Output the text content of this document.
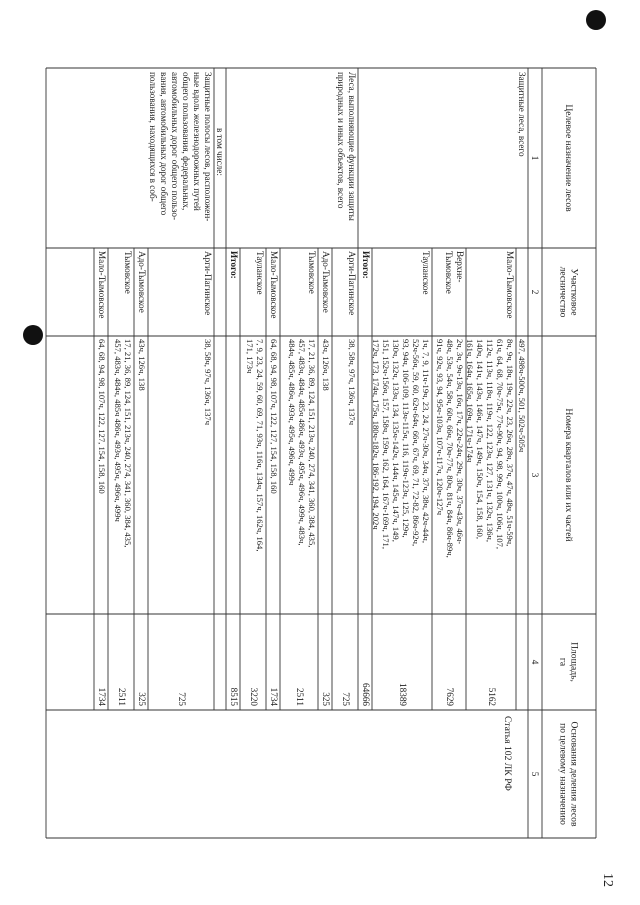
12
Целевое назначение лесов
Участковое
лесничество
Номера кварталов или их частей
Площадь,
га
Основания деления лесов
по целевому назначению
1
2
3
4
5
Защитные леса, всего
497, 498ч-500ч, 501, 502ч-505ч
Мало-Тымовское
8ч, 9ч, 18ч, 19ч, 22ч, 23, 26ч, 28ч, 37ч, 47ч, 48ч, 51ч-59ч,
61ч, 64, 68, 70ч-75ч, 77ч-90ч, 94, 98, 99ч, 100ч, 106ч, 107,
112ч, 113ч, 118ч, 119ч, 122, 123ч, 127, 131ч, 132ч, 136ч,
140ч, 141ч, 143ч, 146ч, 147ч, 149ч, 150ч, 154, 158, 160,
161ч, 164ч, 165ч, 169ч, 171ч-174ч
5162
Статья 102 ЛК РФ
Верхне-
Тымовское
2ч, 3ч, 9ч-13ч, 16ч, 17ч, 22ч-24ч, 29ч, 30ч, 37ч-43ч, 46ч-
48ч, 53ч, 54ч, 58ч, 60ч, 66ч, 70ч-77ч, 80ч, 81ч, 84ч, 86ч-89ч,
91ч, 92ч, 93, 94, 95ч-103ч, 107ч-117ч, 120ч-127ч
7629
Тауланское
1ч, 7, 9, 11ч-19ч, 23, 24, 27ч-30ч, 34ч, 37ч, 38ч, 42ч-44ч,
52ч-56ч, 59, 60, 62ч-64ч, 66ч, 67ч, 69, 71, 72-82, 86ч-92ч,
93, 94ч, 106-109, 113ч-115ч, 116, 119ч-123ч, 125, 129ч,
130ч, 132ч, 133ч, 134, 135ч-142ч, 144ч, 145ч, 147ч, 149,
151, 152ч-156ч, 157, 158ч, 159ч, 162, 164, 167ч-169ч, 171,
172ч, 173, 174ч, 175ч, 180ч-182ч, 186-192, 194, 202ч
18389
Итого:
64666
Леса, выполняющие функции защиты
природных и иных объектов, всего
Арги-Пагинское
38, 58ч, 97ч, 136ч, 137ч
725
Адо-Тымовское
43ч, 126ч, 138
325
Тымовское
17, 21, 36, 89, 124, 151, 213ч, 240, 274, 341, 360, 384, 435,
457, 483ч, 484ч, 485ч 486ч, 493ч, 495ч, 496ч, 499ч, 483ч,
484ч, 485ч, 486ч, 493ч, 495ч, 496ч, 499ч
2511
Мало-Тымовское
64, 68, 94, 98, 107ч, 122, 127, 154, 158, 160
1734
Тауланское
7, 9, 23, 24, 59, 60, 69, 71, 93ч, 116ч, 134ч, 157ч, 162ч, 164,
171, 173ч
3220
Итого:
8515
в том числе:
Защитные полосы лесов, расположен-
ные вдоль железнодорожных путей
общего пользования, федеральных,
автомобильных дорог общего пользо-
вания, автомобильных дорог общего
пользования, находящихся в соб-
Арги-Пагинское
38, 58ч, 97ч, 136ч, 137ч
725
Адо-Тымовское
43ч, 126ч, 138
325
Тымовское
17, 21, 36, 89, 124, 151, 213ч, 240, 274, 341, 360, 384, 435,
457, 483ч, 484ч, 485ч 486ч, 493ч, 495ч, 496ч, 499ч
2511
Мало-Тымовское
64, 68, 94, 98, 107ч, 122, 127, 154, 158, 160
1734
